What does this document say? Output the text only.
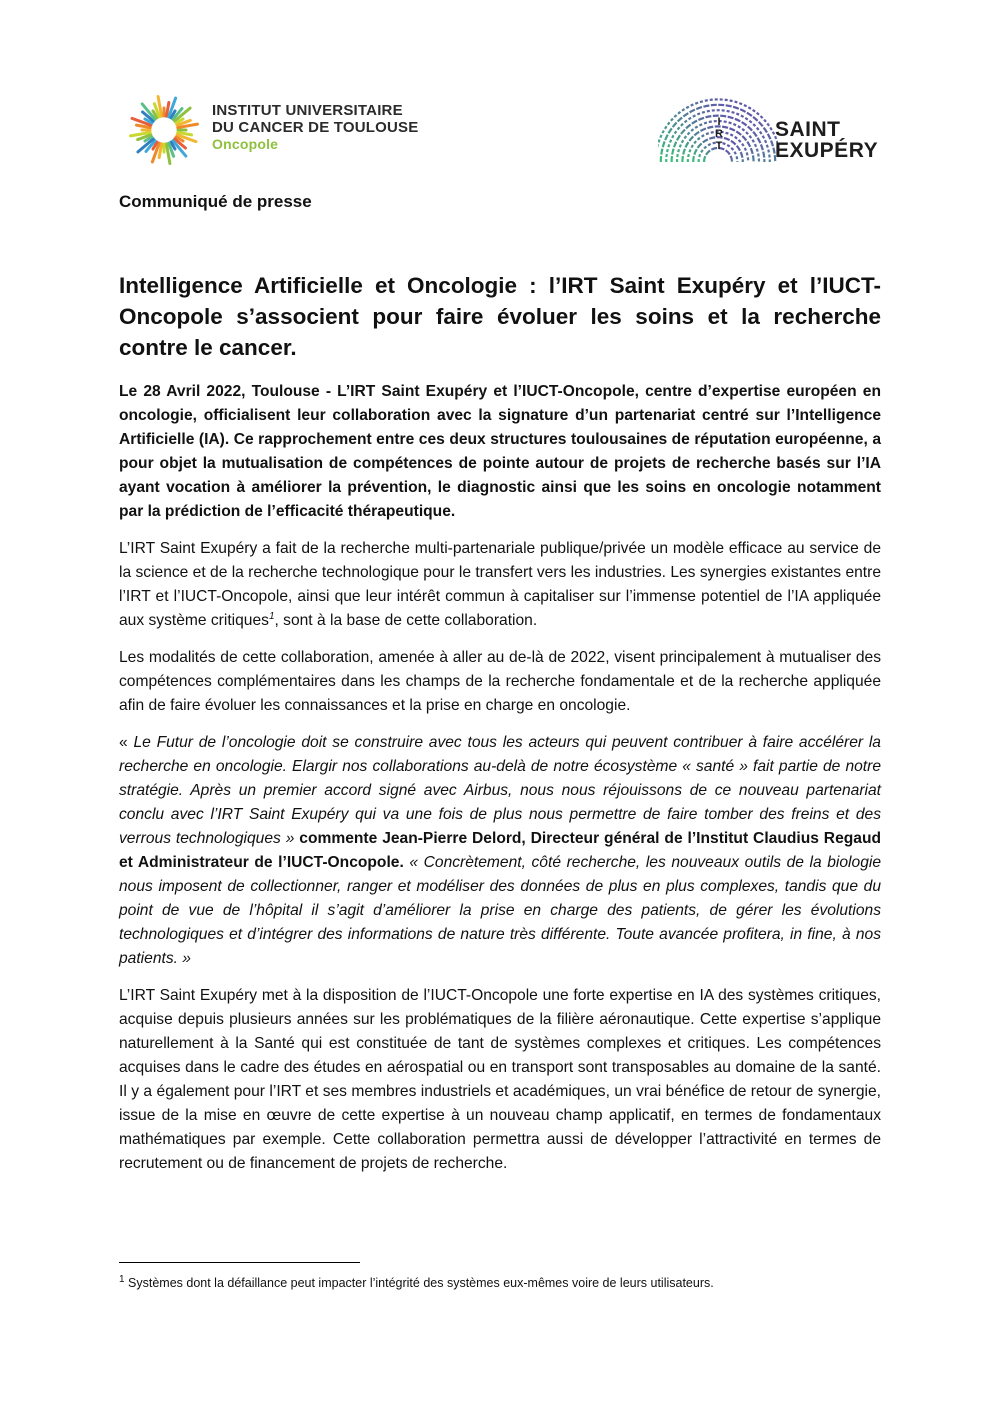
INSTITUT UNIVERSITAIRE
DU CANCER DE TOULOUSE
Oncopole
I
R
T
SAINT
EXUPÉRY
Communiqué de presse
Intelligence Artificielle et Oncologie : l’IRT Saint Exupéry et l’IUCT-Oncopole s’associent pour faire évoluer les soins et la recherche contre le cancer.

Le 28 Avril 2022, Toulouse - L’IRT Saint Exupéry et l’IUCT-Oncopole, centre d’expertise européen en oncologie, officialisent leur collaboration avec la signature d’un partenariat centré sur l’Intelligence Artificielle (IA). Ce rapprochement entre ces deux structures toulousaines de réputation européenne, a pour objet la mutualisation de compétences de pointe autour de projets de recherche basés sur l’IA ayant vocation à améliorer la prévention, le diagnostic ainsi que les soins en oncologie notamment par la prédiction de l’efficacité thérapeutique.

L’IRT Saint Exupéry a fait de la recherche multi-partenariale publique/privée un modèle efficace au service de la science et de la recherche technologique pour le transfert vers les industries. Les synergies existantes entre l’IRT et l’IUCT-Oncopole, ainsi que leur intérêt commun à capitaliser sur l’immense potentiel de l’IA appliquée aux système critiques$^1$, sont à la base de cette collaboration.

Les modalités de cette collaboration, amenée à aller au de-là de 2022, visent principalement à mutualiser des compétences complémentaires dans les champs de la recherche fondamentale et de la recherche appliquée afin de faire évoluer les connaissances et la prise en charge en oncologie.

« Le Futur de l’oncologie doit se construire avec tous les acteurs qui peuvent contribuer à faire accélérer la recherche en oncologie. Elargir nos collaborations au-delà de notre écosystème « santé » fait partie de notre stratégie. Après un premier accord signé avec Airbus, nous nous réjouissons de ce nouveau partenariat conclu avec l’IRT Saint Exupéry qui va une fois de plus nous permettre de faire tomber des freins et des verrous technologiques » commente Jean-Pierre Delord, Directeur général de l’Institut Claudius Regaud et Administrateur de l’IUCT-Oncopole. « Concrètement, côté recherche, les nouveaux outils de la biologie nous imposent de collectionner, ranger et modéliser des données de plus en plus complexes, tandis que du point de vue de l’hôpital il s’agit d’améliorer la prise en charge des patients, de gérer les évolutions technologiques et d’intégrer des informations de nature très différente. Toute avancée profitera, in fine, à nos patients. »

L’IRT Saint Exupéry met à la disposition de l’IUCT-Oncopole une forte expertise en IA des systèmes critiques, acquise depuis plusieurs années sur les problématiques de la filière aéronautique. Cette expertise s’applique naturellement à la Santé qui est constituée de tant de systèmes complexes et critiques. Les compétences acquises dans le cadre des études en aérospatial ou en transport sont transposables au domaine de la santé. Il y a également pour l’IRT et ses membres industriels et académiques, un vrai bénéfice de retour de synergie, issue de la mise en œuvre de cette expertise à un nouveau champ applicatif, en termes de fondamentaux mathématiques par exemple. Cette collaboration permettra aussi de développer l’attractivité en termes de recrutement ou de financement de projets de recherche.

$^1$ Systèmes dont la défaillance peut impacter l’intégrité des systèmes eux-mêmes voire de leurs utilisateurs.
